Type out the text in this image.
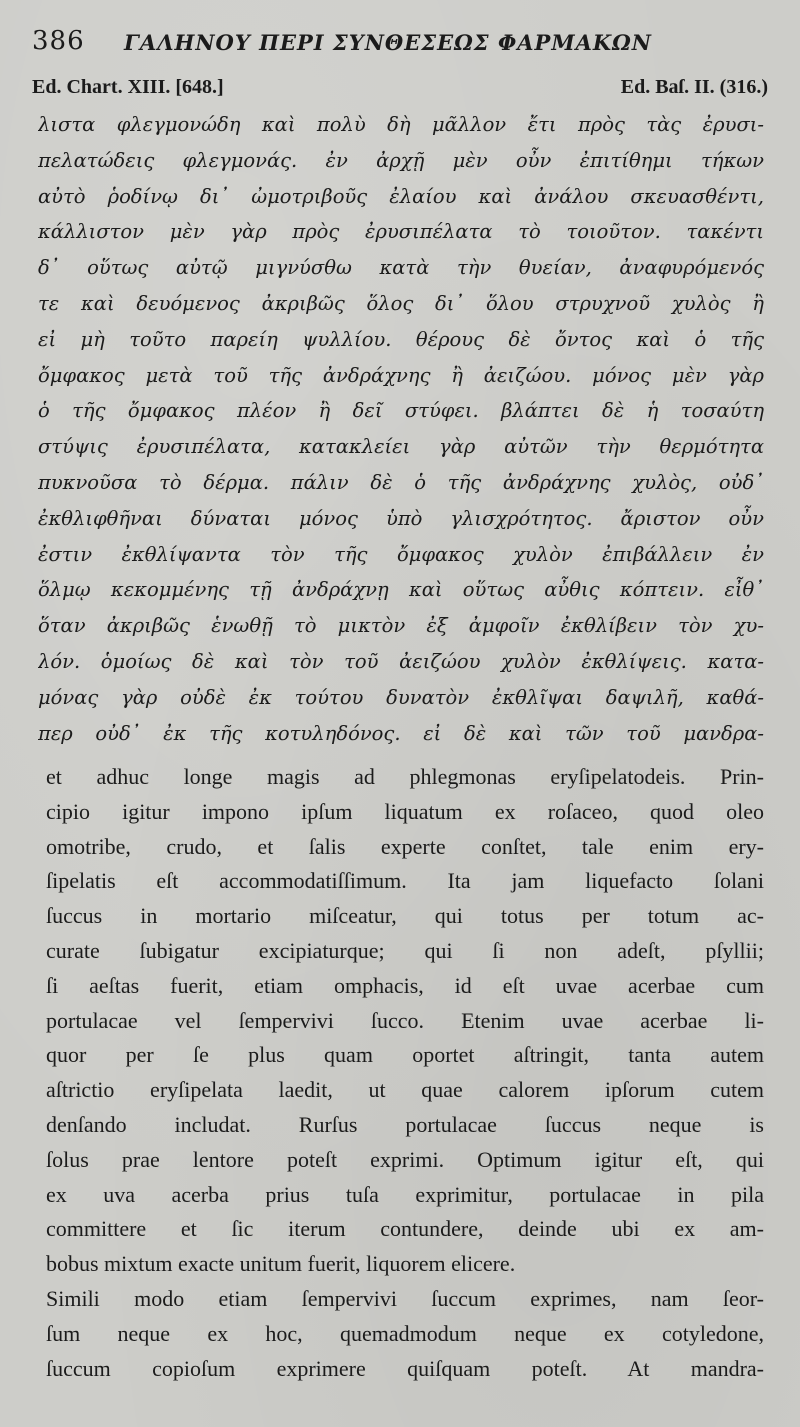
386 ΓΑΛΗΝΟΥ ΠΕΡΙ ΣΥΝΘΕΣΕΩΣ ΦΑΡΜΑΚΩΝ
Ed. Chart. XIII. [648.]	Ed. Baſ. II. (316.)
λιστα φλεγμονώδη καὶ πολὺ δὴ μᾶλλον ἔτι πρὸς τὰς ἐρυσι-
πελατώδεις φλεγμονάς. ἐν ἀρχῇ μὲν οὖν ἐπιτίθημι τήκων
αὐτὸ ῥοδίνῳ δι᾿ ὠμοτριβοῦς ἐλαίου καὶ ἀνάλου σκευασθέντι,
κάλλιστον μὲν γὰρ πρὸς ἐρυσιπέλατα τὸ τοιοῦτον. τακέντι
δ᾿ οὕτως αὐτῷ μιγνύσθω κατὰ τὴν θυείαν, ἀναφυρόμενός
τε καὶ δευόμενος ἀκριβῶς ὅλος δι᾿ ὅλου στρυχνοῦ χυλὸς ἢ
εἰ μὴ τοῦτο παρείη ψυλλίου. θέρους δὲ ὄντος καὶ ὁ τῆς
ὄμφακος μετὰ τοῦ τῆς ἀνδράχνης ἢ ἀειζώου. μόνος μὲν γὰρ
ὁ τῆς ὄμφακος πλέον ἢ δεῖ στύφει. βλάπτει δὲ ἡ τοσαύτη
στύψις ἐρυσιπέλατα, κατακλείει γὰρ αὐτῶν τὴν θερμότητα
πυκνοῦσα τὸ δέρμα. πάλιν δὲ ὁ τῆς ἀνδράχνης χυλὸς, οὐδ᾿
ἐκθλιφθῆναι δύναται μόνος ὑπὸ γλισχρότητος. ἄριστον οὖν
ἐστιν ἐκθλίψαντα τὸν τῆς ὄμφακος χυλὸν ἐπιβάλλειν ἐν
ὅλμῳ κεκομμένης τῇ ἀνδράχνῃ καὶ οὕτως αὖθις κόπτειν. εἶθ᾿
ὅταν ἀκριβῶς ἑνωθῇ τὸ μικτὸν ἐξ ἀμφοῖν ἐκθλίβειν τὸν χυ-
λόν. ὁμοίως δὲ καὶ τὸν τοῦ ἀειζώου χυλὸν ἐκθλίψεις. κατα-
μόνας γὰρ οὐδὲ ἐκ τούτου δυνατὸν ἐκθλῖψαι δαψιλῆ, καθά-
περ οὐδ᾿ ἐκ τῆς κοτυληδόνος. εἰ δὲ καὶ τῶν τοῦ μανδρα-
et adhuc longe magis ad phlegmonas eryſipelatodeis. Prin-
cipio igitur impono ipſum liquatum ex roſaceo, quod oleo
omotribe, crudo, et ſalis experte conſtet, tale enim ery-
ſipelatis eſt accommodatiſſimum. Ita jam liquefacto ſolani
ſuccus in mortario miſceatur, qui totus per totum ac-
curate ſubigatur excipiaturque; qui ſi non adeſt, pſyllii;
ſi aeſtas fuerit, etiam omphacis, id eſt uvae acerbae cum
portulacae vel ſempervivi ſucco. Etenim uvae acerbae li-
quor per ſe plus quam oportet aſtringit, tanta autem
aſtrictio eryſipelata laedit, ut quae calorem ipſorum cutem
denſando includat. Rurſus portulacae ſuccus neque is
ſolus prae lentore poteſt exprimi. Optimum igitur eſt, qui
ex uva acerba prius tuſa exprimitur, portulacae in pila
committere et ſic iterum contundere, deinde ubi ex am-
bobus mixtum exacte unitum fuerit, liquorem elicere.
Simili modo etiam ſempervivi ſuccum exprimes, nam ſeor-
ſum neque ex hoc, quemadmodum neque ex cotyledone,
ſuccum copioſum exprimere quiſquam poteſt. At mandra-
